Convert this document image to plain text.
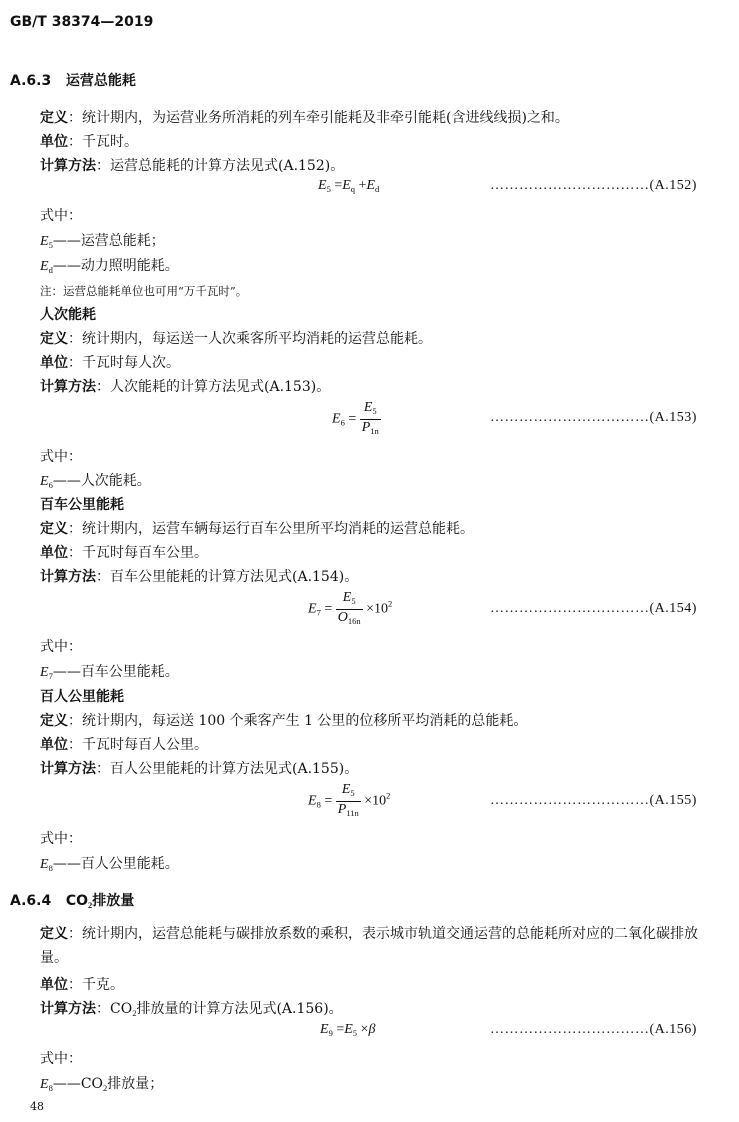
GB/T 38374—2019
A.6.3 运营总能耗
定义：统计期内，为运营业务所消耗的列车牵引能耗及非牵引能耗(含进线线损)之和。
单位：千瓦时。
计算方法：运营总能耗的计算方法见式(A.152)。
$E_5 =E_q +E_d$	……………………………(A.152)
式中：
$E_5——$运营总能耗；
$E_d——$动力照明能耗。
注：运营总能耗单位也可用“万千瓦时”。
人次能耗
定义：统计期内，每运送一人次乘客所平均消耗的运营总能耗。
单位：千瓦时每人次。
计算方法：人次能耗的计算方法见式(A.153)。
$E_6 = \frac{E_5}{P_{1n}}$	……………………………(A.153)
式中：
$E_6——$人次能耗。
百车公里能耗
定义：统计期内，运营车辆每运行百车公里所平均消耗的运营总能耗。
单位：千瓦时每百车公里。
计算方法：百车公里能耗的计算方法见式(A.154)。
$E_7 = \frac{E_5}{O_{16n}} \times 10^2$	……………………………(A.154)
式中：
$E_7——$百车公里能耗。
百人公里能耗
定义：统计期内，每运送 100 个乘客产生 1 公里的位移所平均消耗的总能耗。
单位：千瓦时每百人公里。
计算方法：百人公里能耗的计算方法见式(A.155)。
$E_8 = \frac{E_5}{P_{11n}} \times 10^2$	……………………………(A.155)
式中：
$E_8——$百人公里能耗。
A.6.4 $CO_2$排放量
定义：统计期内，运营总能耗与碳排放系数的乘积，表示城市轨道交通运营的总能耗所对应的二氧化碳排放量。
单位：千克。
计算方法：$CO_2$排放量的计算方法见式(A.156)。
$E_9 =E_5 \times\beta$	……………………………(A.156)
式中：
$E_8——CO_2$排放量；
48
